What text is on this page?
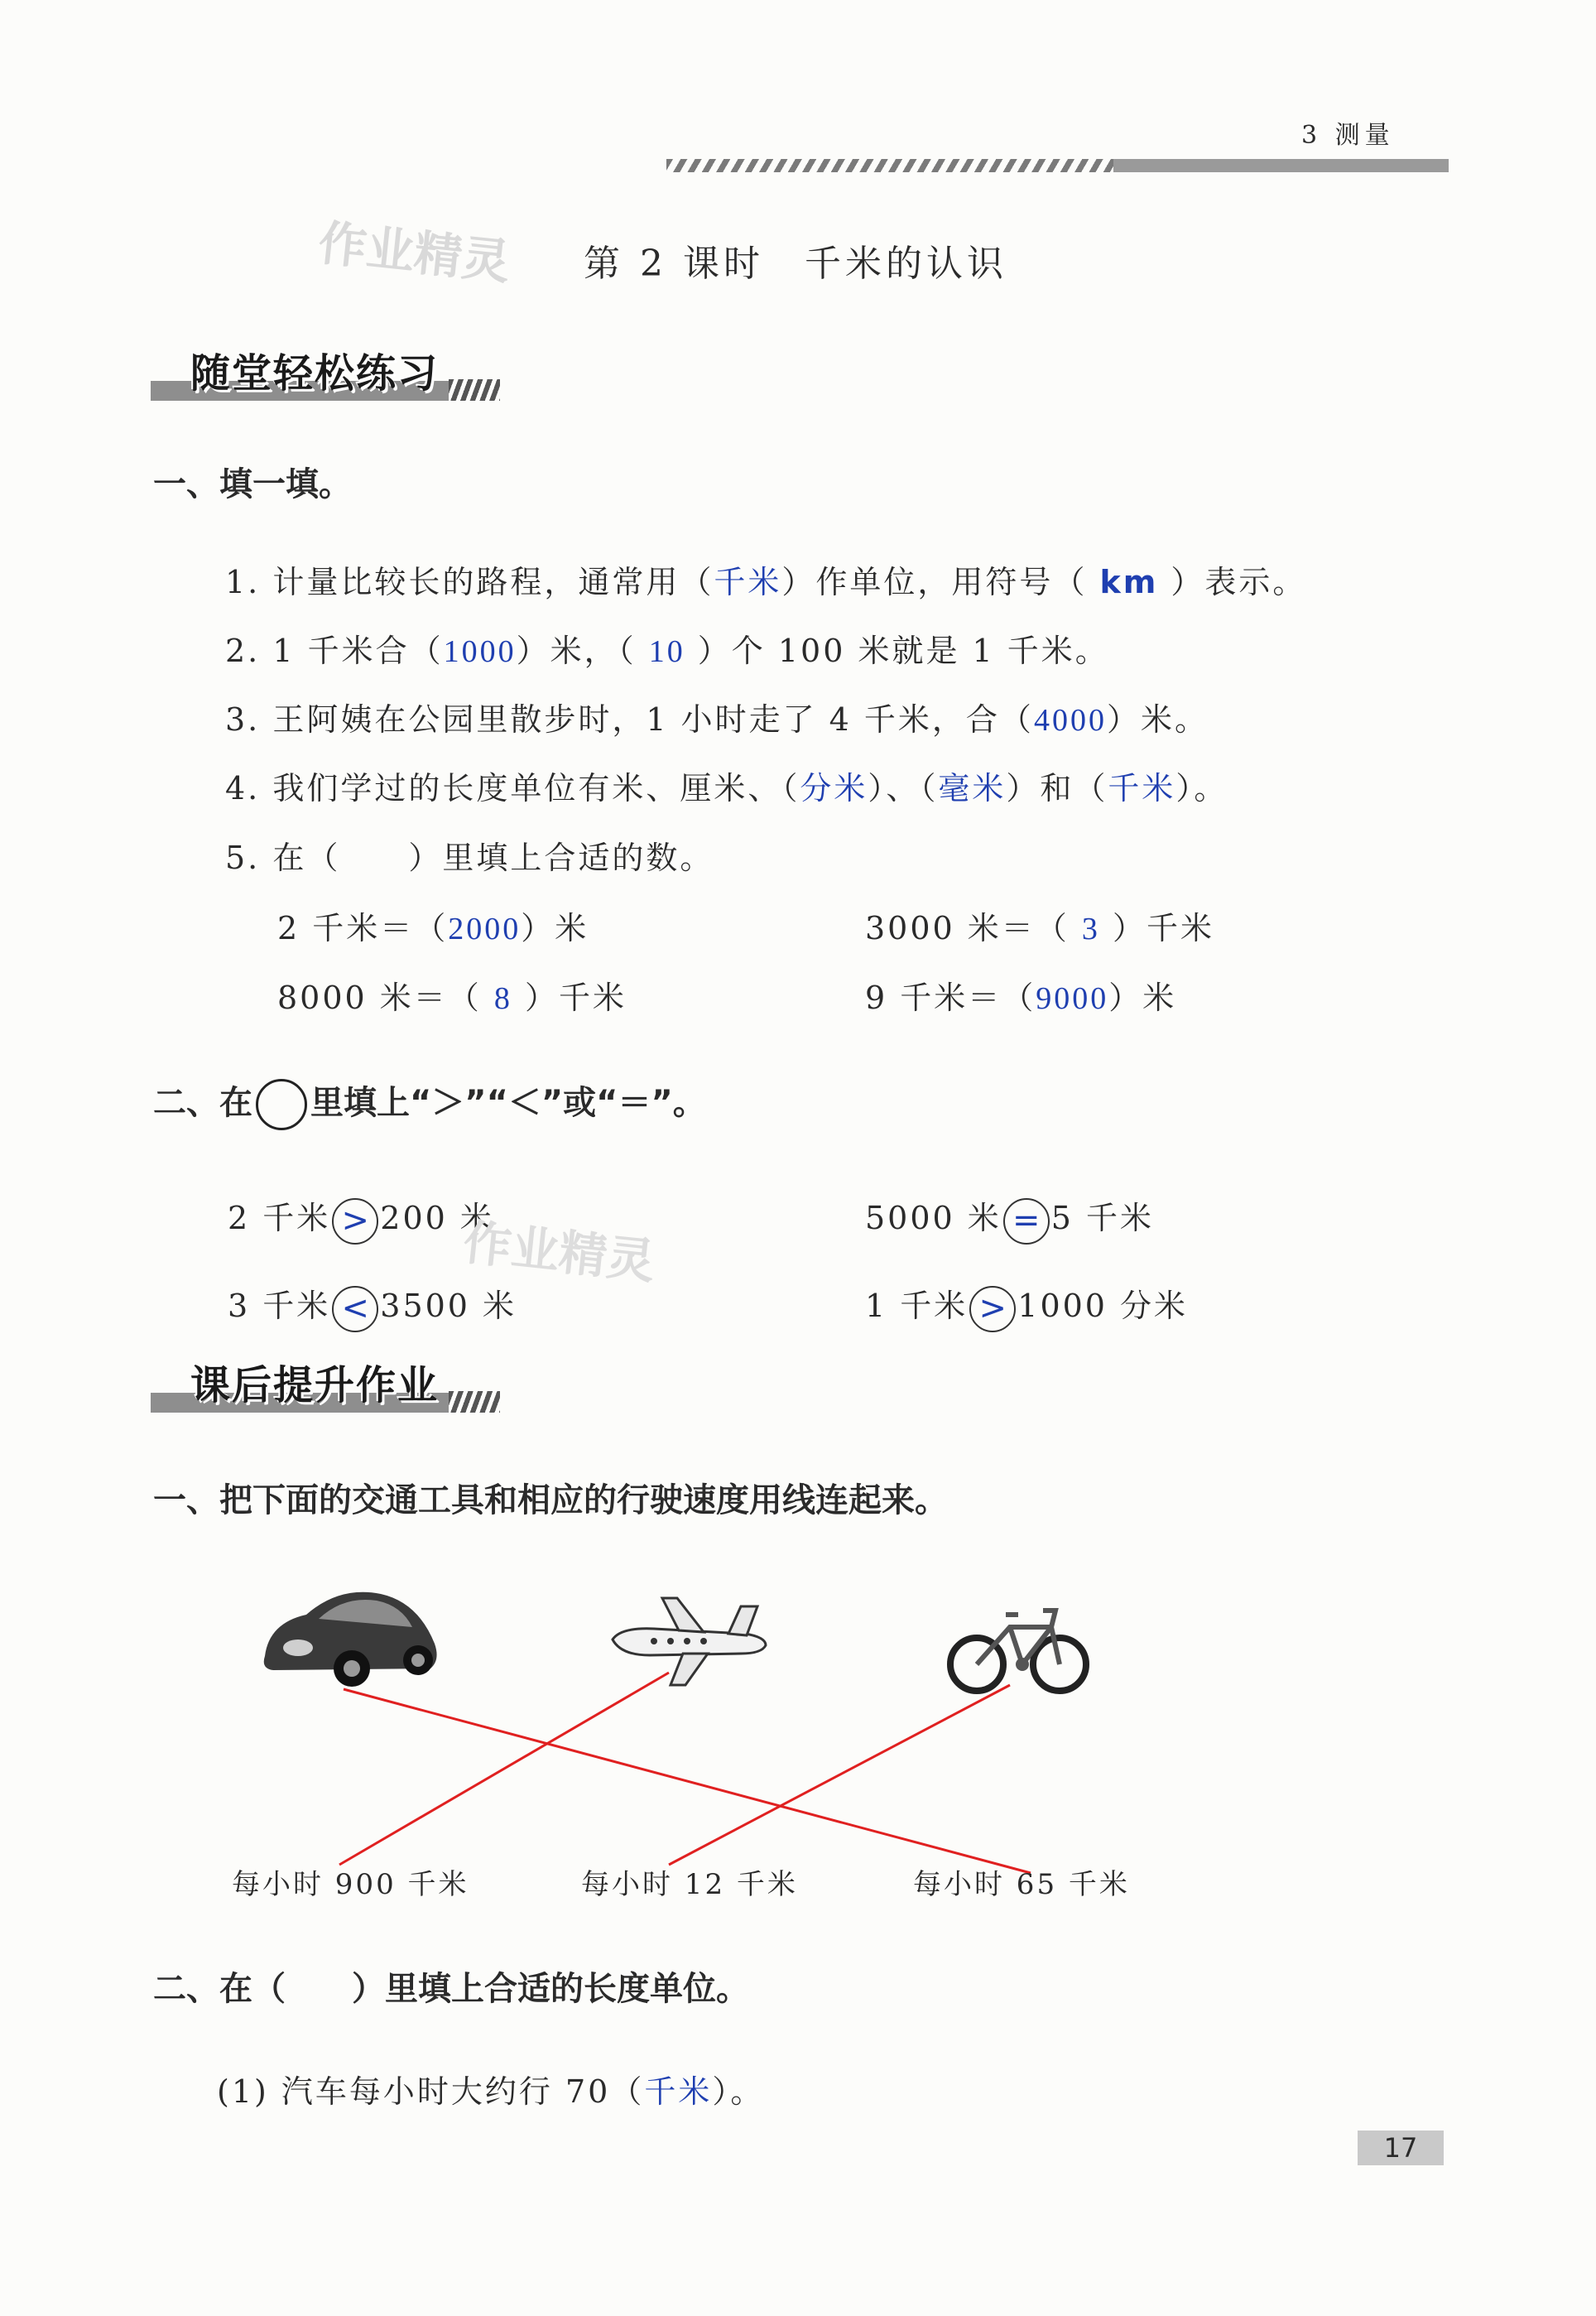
3 测量
作业精灵 第 2 课时　千米的认识
随堂轻松练习
一、填一填。
1. 计量比较长的路程，通常用（千米）作单位，用符号（ km ）表示。
2. 1 千米合（1000）米，（ 10 ）个 100 米就是 1 千米。
3. 王阿姨在公园里散步时，1 小时走了 4 千米，合（4000）米。
4. 我们学过的长度单位有米、厘米、（分米）、（毫米）和（千米）。
5. 在（　　）里填上合适的数。
2 千米＝（2000）米	3000 米＝（ 3 ）千米
8000 米＝（ 8 ）千米	9 千米＝（9000）米
二、在 里填上“＞”“＜”或“＝”。
2 千米 > 200 米	5000 米 = 5 千米
3 千米 < 3500 米	1 千米 > 1000 分米
作业精灵
课后提升作业
一、把下面的交通工具和相应的行驶速度用线连起来。
每小时 900 千米	每小时 12 千米	每小时 65 千米
二、在（　　）里填上合适的长度单位。
(1) 汽车每小时大约行 70（千米）。
17
